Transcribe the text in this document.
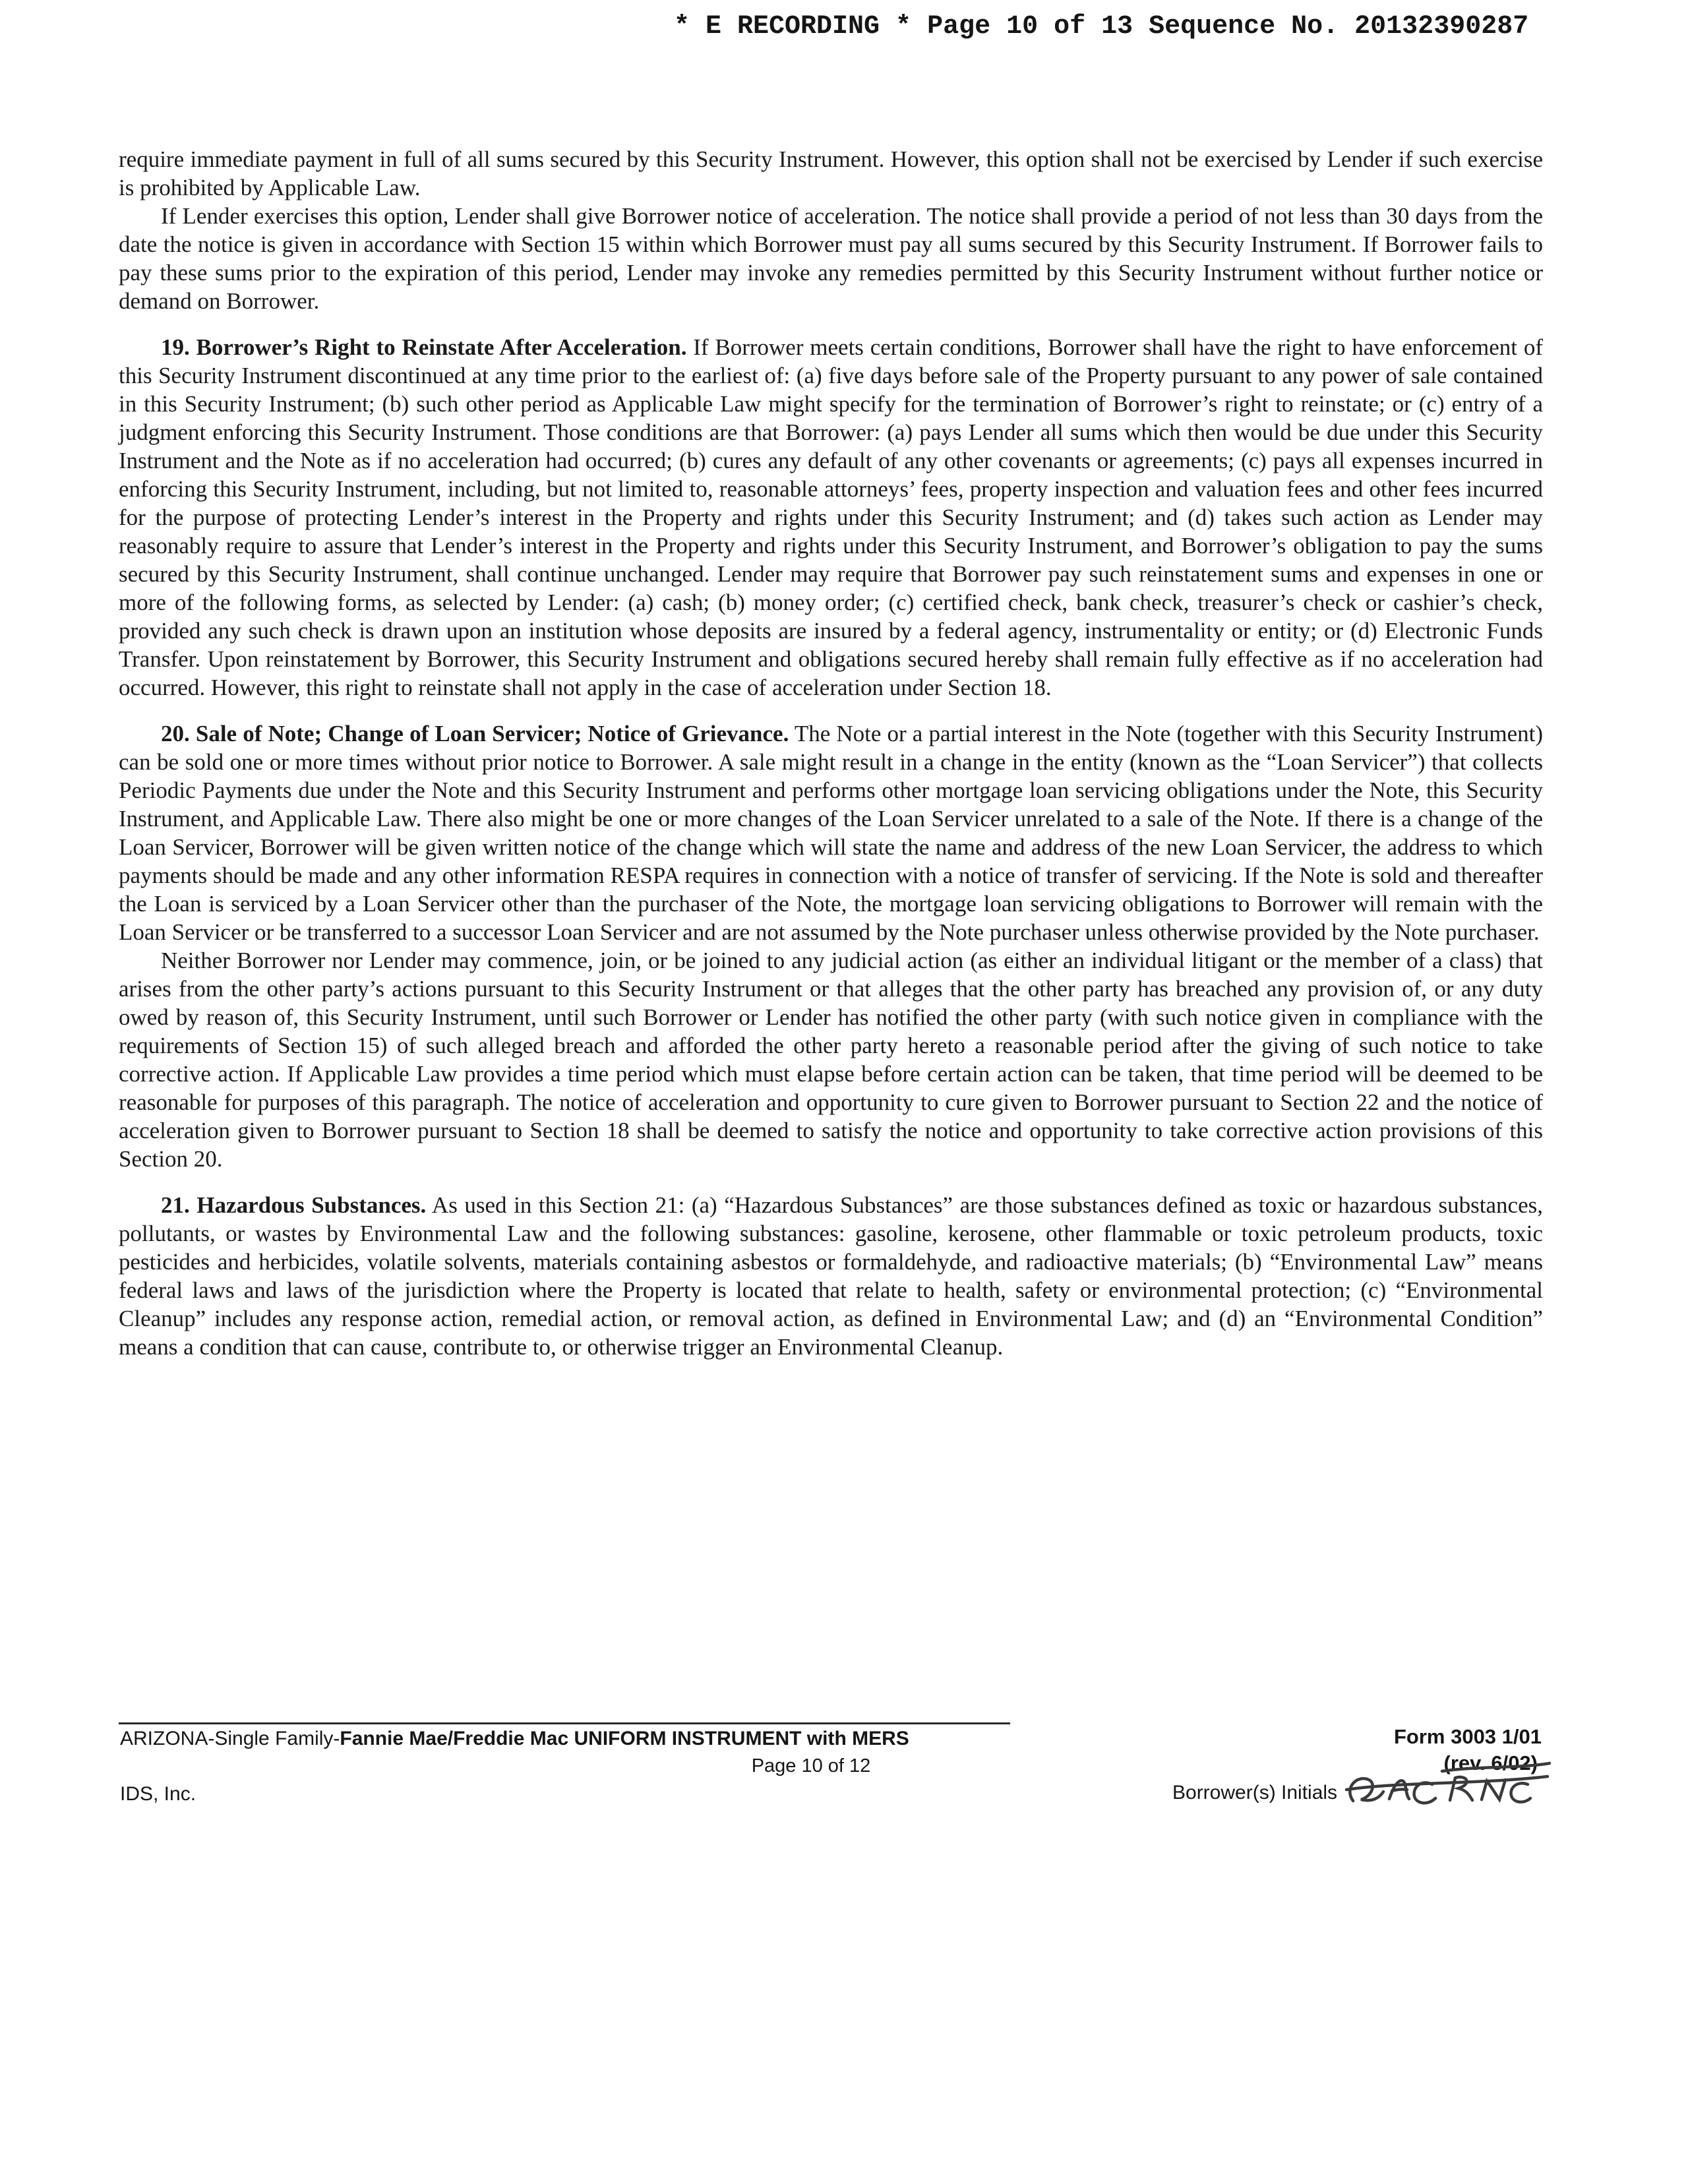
* E RECORDING * Page 10 of 13 Sequence No. 20132390287

require immediate payment in full of all sums secured by this Security Instrument. However, this option shall not be exercised by Lender if such exercise is prohibited by Applicable Law.

If Lender exercises this option, Lender shall give Borrower notice of acceleration. The notice shall provide a period of not less than 30 days from the date the notice is given in accordance with Section 15 within which Borrower must pay all sums secured by this Security Instrument. If Borrower fails to pay these sums prior to the expiration of this period, Lender may invoke any remedies permitted by this Security Instrument without further notice or demand on Borrower.

19. Borrower’s Right to Reinstate After Acceleration. If Borrower meets certain conditions, Borrower shall have the right to have enforcement of this Security Instrument discontinued at any time prior to the earliest of: (a) five days before sale of the Property pursuant to any power of sale contained in this Security Instrument; (b) such other period as Applicable Law might specify for the termination of Borrower’s right to reinstate; or (c) entry of a judgment enforcing this Security Instrument. Those conditions are that Borrower: (a) pays Lender all sums which then would be due under this Security Instrument and the Note as if no acceleration had occurred; (b) cures any default of any other covenants or agreements; (c) pays all expenses incurred in enforcing this Security Instrument, including, but not limited to, reasonable attorneys’ fees, property inspection and valuation fees and other fees incurred for the purpose of protecting Lender’s interest in the Property and rights under this Security Instrument; and (d) takes such action as Lender may reasonably require to assure that Lender’s interest in the Property and rights under this Security Instrument, and Borrower’s obligation to pay the sums secured by this Security Instrument, shall continue unchanged. Lender may require that Borrower pay such reinstatement sums and expenses in one or more of the following forms, as selected by Lender: (a) cash; (b) money order; (c) certified check, bank check, treasurer’s check or cashier’s check, provided any such check is drawn upon an institution whose deposits are insured by a federal agency, instrumentality or entity; or (d) Electronic Funds Transfer. Upon reinstatement by Borrower, this Security Instrument and obligations secured hereby shall remain fully effective as if no acceleration had occurred. However, this right to reinstate shall not apply in the case of acceleration under Section 18.

20. Sale of Note; Change of Loan Servicer; Notice of Grievance. The Note or a partial interest in the Note (together with this Security Instrument) can be sold one or more times without prior notice to Borrower. A sale might result in a change in the entity (known as the “Loan Servicer”) that collects Periodic Payments due under the Note and this Security Instrument and performs other mortgage loan servicing obligations under the Note, this Security Instrument, and Applicable Law. There also might be one or more changes of the Loan Servicer unrelated to a sale of the Note. If there is a change of the Loan Servicer, Borrower will be given written notice of the change which will state the name and address of the new Loan Servicer, the address to which payments should be made and any other information RESPA requires in connection with a notice of transfer of servicing. If the Note is sold and thereafter the Loan is serviced by a Loan Servicer other than the purchaser of the Note, the mortgage loan servicing obligations to Borrower will remain with the Loan Servicer or be transferred to a successor Loan Servicer and are not assumed by the Note purchaser unless otherwise provided by the Note purchaser.

Neither Borrower nor Lender may commence, join, or be joined to any judicial action (as either an individual litigant or the member of a class) that arises from the other party’s actions pursuant to this Security Instrument or that alleges that the other party has breached any provision of, or any duty owed by reason of, this Security Instrument, until such Borrower or Lender has notified the other party (with such notice given in compliance with the requirements of Section 15) of such alleged breach and afforded the other party hereto a reasonable period after the giving of such notice to take corrective action. If Applicable Law provides a time period which must elapse before certain action can be taken, that time period will be deemed to be reasonable for purposes of this paragraph. The notice of acceleration and opportunity to cure given to Borrower pursuant to Section 22 and the notice of acceleration given to Borrower pursuant to Section 18 shall be deemed to satisfy the notice and opportunity to take corrective action provisions of this Section 20.

21. Hazardous Substances. As used in this Section 21: (a) “Hazardous Substances” are those substances defined as toxic or hazardous substances, pollutants, or wastes by Environmental Law and the following substances: gasoline, kerosene, other flammable or toxic petroleum products, toxic pesticides and herbicides, volatile solvents, materials containing asbestos or formaldehyde, and radioactive materials; (b) “Environmental Law” means federal laws and laws of the jurisdiction where the Property is located that relate to health, safety or environmental protection; (c) “Environmental Cleanup” includes any response action, remedial action, or removal action, as defined in Environmental Law; and (d) an “Environmental Condition” means a condition that can cause, contribute to, or otherwise trigger an Environmental Cleanup.

ARIZONA-Single Family-Fannie Mae/Freddie Mac UNIFORM INSTRUMENT with MERS
Page 10 of 12
Form 3003 1/01
(rev. 6/02)
IDS, Inc.	Borrower(s) Initials
